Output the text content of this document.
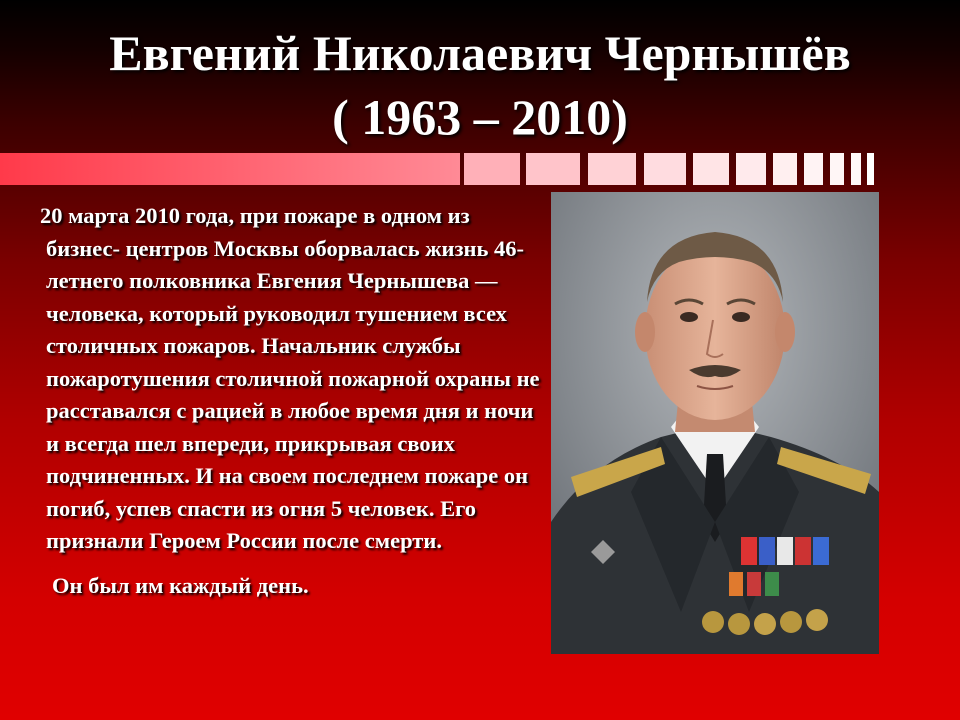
Евгений Николаевич Чернышёв
( 1963 – 2010)

20 марта 2010 года, при пожаре в одном из бизнес- центров Москвы оборвалась жизнь 46-летнего полковника Евгения Чернышева — человека, который руководил тушением всех столичных пожаров. Начальник службы пожаротушения столичной пожарной охраны не расставался с рацией в любое время дня и ночи и всегда шел впереди, прикрывая своих подчиненных. И на своем последнем пожаре он погиб, успев спасти из огня 5 человек. Его признали Героем России после смерти.

Он был им каждый день.
